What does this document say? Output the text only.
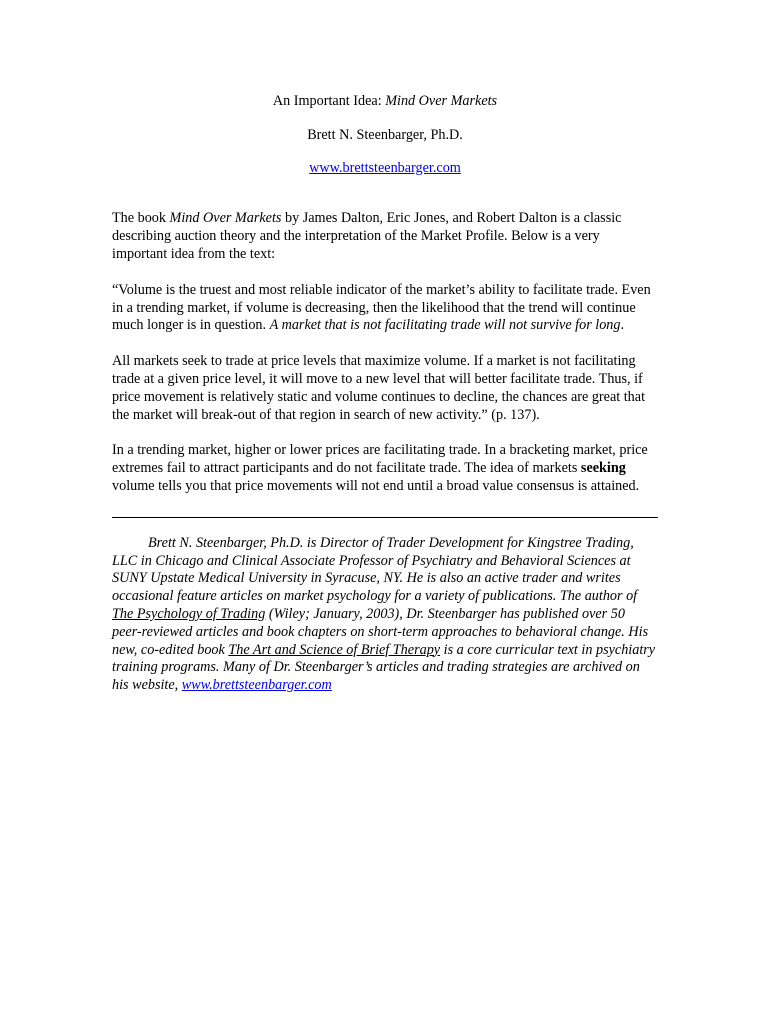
An Important Idea: Mind Over Markets
Brett N. Steenbarger, Ph.D.
www.brettsteenbarger.com

The book Mind Over Markets by James Dalton, Eric Jones, and Robert Dalton is a classic describing auction theory and the interpretation of the Market Profile. Below is a very important idea from the text:

“Volume is the truest and most reliable indicator of the market’s ability to facilitate trade. Even in a trending market, if volume is decreasing, then the likelihood that the trend will continue much longer is in question. A market that is not facilitating trade will not survive for long.

All markets seek to trade at price levels that maximize volume. If a market is not facilitating trade at a given price level, it will move to a new level that will better facilitate trade. Thus, if price movement is relatively static and volume continues to decline, the chances are great that the market will break-out of that region in search of new activity.” (p. 137).

In a trending market, higher or lower prices are facilitating trade. In a bracketing market, price extremes fail to attract participants and do not facilitate trade. The idea of markets seeking volume tells you that price movements will not end until a broad value consensus is attained.

Brett N. Steenbarger, Ph.D. is Director of Trader Development for Kingstree Trading, LLC in Chicago and Clinical Associate Professor of Psychiatry and Behavioral Sciences at SUNY Upstate Medical University in Syracuse, NY. He is also an active trader and writes occasional feature articles on market psychology for a variety of publications. The author of The Psychology of Trading (Wiley; January, 2003), Dr. Steenbarger has published over 50 peer-reviewed articles and book chapters on short-term approaches to behavioral change. His new, co-edited book The Art and Science of Brief Therapy is a core curricular text in psychiatry training programs. Many of Dr. Steenbarger’s articles and trading strategies are archived on his website, www.brettsteenbarger.com
